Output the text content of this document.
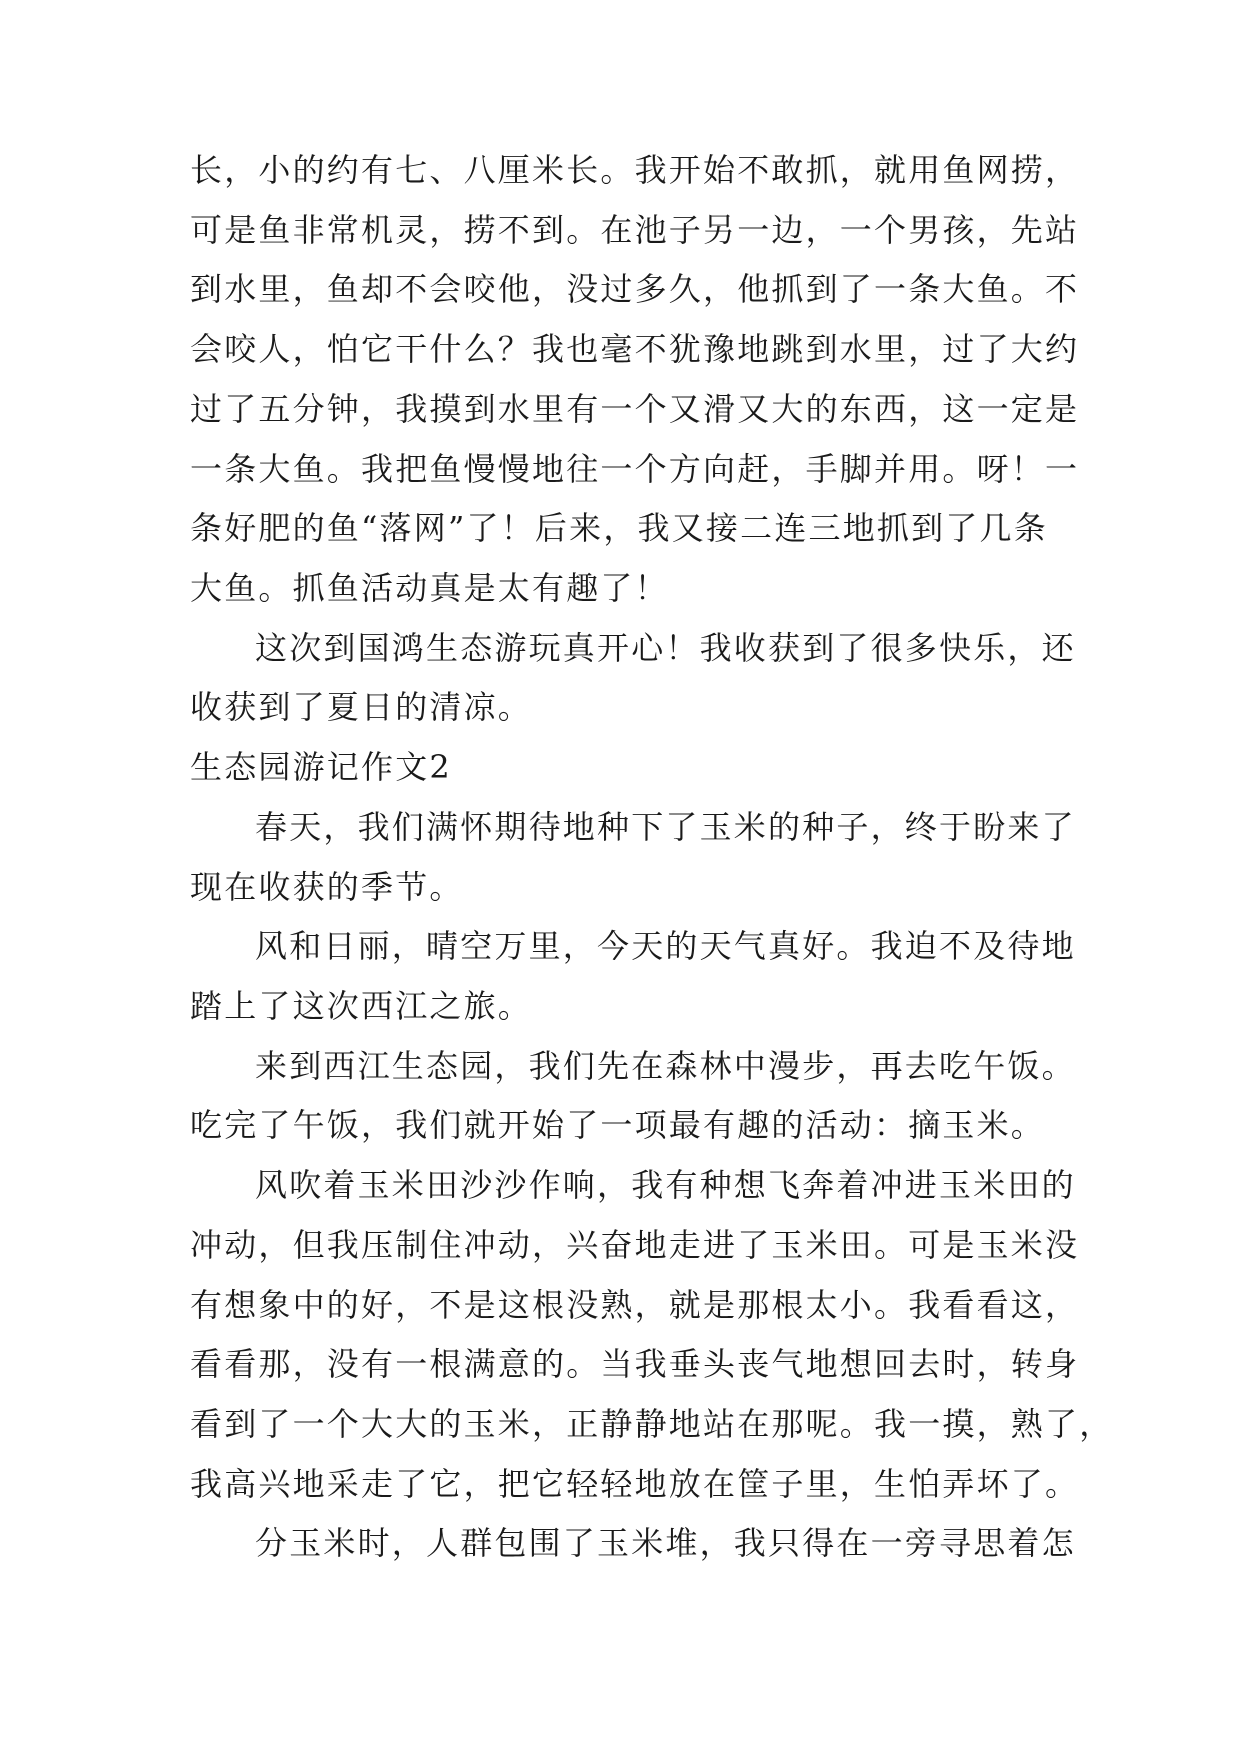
长，小的约有七、八厘米长。我开始不敢抓，就用鱼网捞，
可是鱼非常机灵，捞不到。在池子另一边，一个男孩，先站
到水里，鱼却不会咬他，没过多久，他抓到了一条大鱼。不
会咬人，怕它干什么？我也毫不犹豫地跳到水里，过了大约
过了五分钟，我摸到水里有一个又滑又大的东西，这一定是
一条大鱼。我把鱼慢慢地往一个方向赶，手脚并用。呀！一
条好肥的鱼“落网”了！后来，我又接二连三地抓到了几条
大鱼。抓鱼活动真是太有趣了！
这次到国鸿生态游玩真开心！我收获到了很多快乐，还
收获到了夏日的清凉。
生态园游记作文2
春天，我们满怀期待地种下了玉米的种子，终于盼来了
现在收获的季节。
风和日丽，晴空万里，今天的天气真好。我迫不及待地
踏上了这次西江之旅。
来到西江生态园，我们先在森林中漫步，再去吃午饭。
吃完了午饭，我们就开始了一项最有趣的活动：摘玉米。
风吹着玉米田沙沙作响，我有种想飞奔着冲进玉米田的
冲动，但我压制住冲动，兴奋地走进了玉米田。可是玉米没
有想象中的好，不是这根没熟，就是那根太小。我看看这，
看看那，没有一根满意的。当我垂头丧气地想回去时，转身
看到了一个大大的玉米，正静静地站在那呢。我一摸，熟了，
我高兴地采走了它，把它轻轻地放在筐子里，生怕弄坏了。
分玉米时，人群包围了玉米堆，我只得在一旁寻思着怎
